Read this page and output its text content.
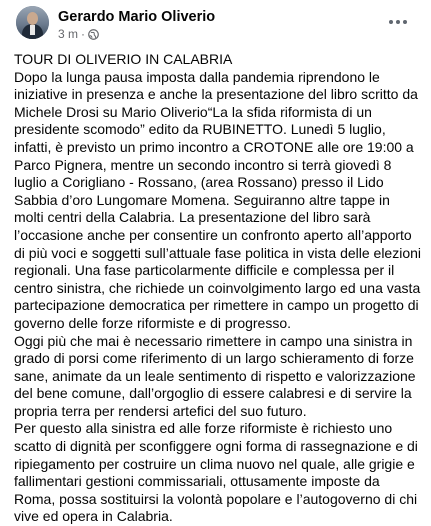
Gerardo Mario Oliverio
3 m ·

TOUR DI OLIVERIO IN CALABRIA

Dopo la lunga pausa imposta dalla pandemia riprendono le iniziative in presenza e anche la presentazione del libro scritto da Michele Drosi su Mario Oliverio“La la sfida riformista di un presidente scomodo” edito da RUBINETTO. Lunedì 5 luglio, infatti, è previsto un primo incontro a CROTONE alle ore 19:00 a Parco Pignera, mentre un secondo incontro si terrà giovedì 8 luglio a Corigliano - Rossano, (area Rossano) presso il Lido Sabbia d’oro Lungomare Momena. Seguiranno altre tappe in molti centri della Calabria. La presentazione del libro sarà l’occasione anche per consentire un confronto aperto all’apporto di più voci e soggetti sull’attuale fase politica in vista delle elezioni regionali. Una fase particolarmente difficile e complessa per il centro sinistra, che richiede un coinvolgimento largo ed una vasta partecipazione democratica per rimettere in campo un progetto di governo delle forze riformiste e di progresso.

Oggi più che mai è necessario rimettere in campo una sinistra in grado di porsi come riferimento di un largo schieramento di forze sane, animate da un leale sentimento di rispetto e valorizzazione del bene comune, dall’orgoglio di essere calabresi e di servire la propria terra per rendersi artefici del suo futuro.

Per questo alla sinistra ed alle forze riformiste è richiesto uno scatto di dignità per sconfiggere ogni forma di rassegnazione e di ripiegamento per costruire un clima nuovo nel quale, alle grigie e fallimentari gestioni commissariali, ottusamente imposte da Roma, possa sostituirsi la volontà popolare e l’autogoverno di chi vive ed opera in Calabria.
